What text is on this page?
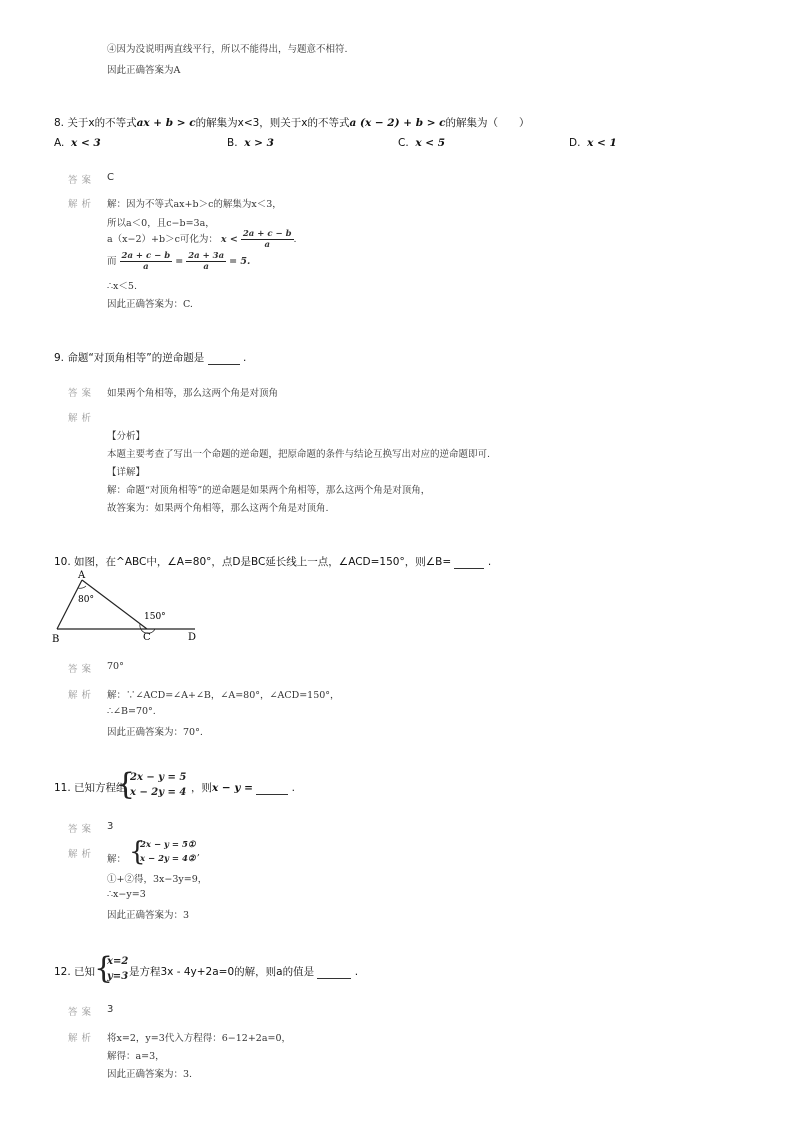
④因为没说明两直线平行，所以不能得出，与题意不相符.
因此正确答案为A
8. 关于x的不等式ax + b > c的解集为x<3，则关于x的不等式a (x − 2) + b > c的解集为（　　）
A. x < 3	B. x > 3	C. x < 5	D. x < 1
答案 C
解析 解：因为不等式ax+b＞c的解集为x＜3，
所以a＜0，且c−b=3a，
a（x−2）+b＞c可化为： $x < \frac{2a + c - b}{a}$ .
而 $\frac{2a + c - b}{a} = \frac{2a + 3a}{a} = 5$.
∴x＜5.
因此正确答案为：C.
9. 命题“对顶角相等”的逆命题是	.
答案 如果两个角相等，那么这两个角是对顶角
解析
【分析】
本题主要考查了写出一个命题的逆命题，把原命题的条件与结论互换写出对应的逆命题即可.
【详解】
解：命题“对顶角相等”的逆命题是如果两个角相等，那么这两个角是对顶角，
故答案为：如果两个角相等，那么这两个角是对顶角.
10. 如图，在^ABC中，∠A=80°，点D是BC延长线上一点，∠ACD=150°，则∠B=	.
A
80°
B	C	D
150°
答案 70°
解析 解：∵∠ACD=∠A+∠B，∠A=80°，∠ACD=150°，
∴∠B=70°.
因此正确答案为：70°.
11. 已知方程组
{
2x − y = 5
x − 2y = 4 ，则x − y =	.
答案 3
解析 解： {
2x − y = 5①
x − 2y = 4②
,
①+②得，3x−3y=9，
∴x−y=3
因此正确答案为：3
12. 已知
{
x=2
y=3 是方程3x - 4y+2a=0的解，则a的值是	.
答案 3
解析 将x=2，y=3代入方程得：6−12+2a=0，
解得：a=3，
因此正确答案为：3.
